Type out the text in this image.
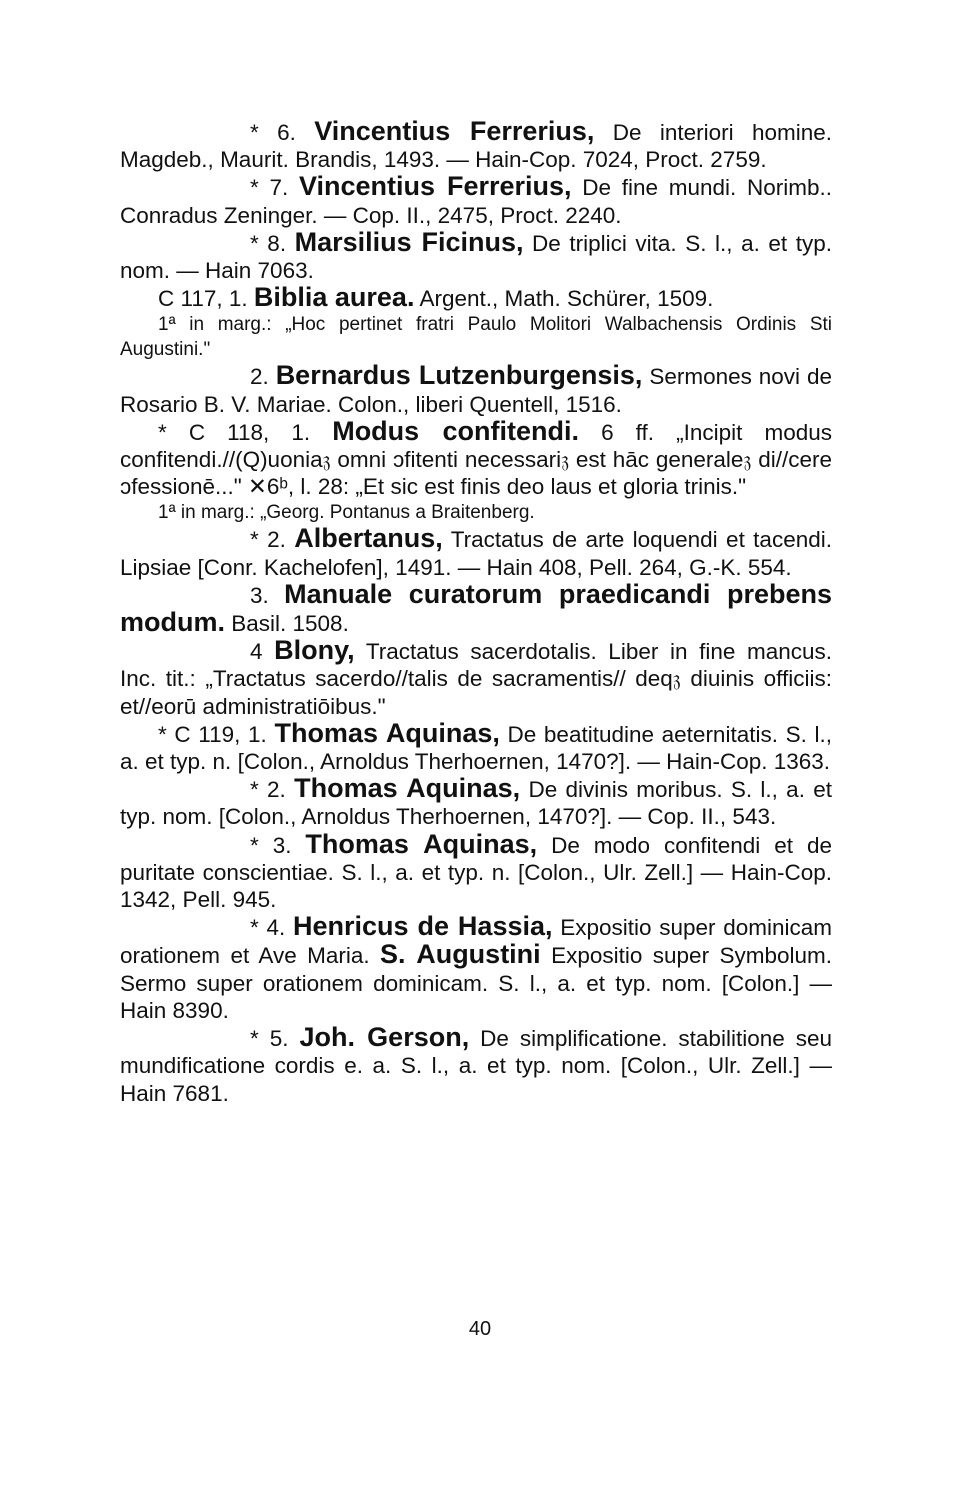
* 6. Vincentius Ferrerius, De interiori homine. Magdeb., Maurit. Brandis, 1493. — Hain-Cop. 7024, Proct. 2759.

* 7. Vincentius Ferrerius, De fine mundi. Norimb.. Conradus Zeninger. — Cop. II., 2475, Proct. 2240.

* 8. Marsilius Ficinus, De triplici vita. S. l., a. et typ. nom. — Hain 7063.

C 117, 1. Biblia aurea. Argent., Math. Schürer, 1509.

1ª in marg.: „Hoc pertinet fratri Paulo Molitori Walbachensis Ordinis Sti Augustini."

2. Bernardus Lutzenburgensis, Sermones novi de Rosario B. V. Mariae. Colon., liberi Quentell, 1516.

* C 118, 1. Modus confitendi. 6 ff. „Incipit modus confitendi.//(Q)uonia𝔷 omni ɔfitenti necessari𝔷 est hāc generale𝔷 di//cere ɔfessionē..." ✕6ᵇ, l. 28: „Et sic est finis deo laus et gloria trinis."

1ª in marg.: „Georg. Pontanus a Braitenberg.

* 2. Albertanus, Tractatus de arte loquendi et tacendi. Lipsiae [Conr. Kachelofen], 1491. — Hain 408, Pell. 264, G.-K. 554.

3. Manuale curatorum praedicandi prebens modum. Basil. 1508.

4 Blony, Tractatus sacerdotalis. Liber in fine mancus. Inc. tit.: „Tractatus sacerdo//talis de sacramentis// deq𝔷 diuinis officiis: et//eorū administratiōibus."

* C 119, 1. Thomas Aquinas, De beatitudine aeternitatis. S. l., a. et typ. n. [Colon., Arnoldus Therhoernen, 1470?]. — Hain-Cop. 1363.

* 2. Thomas Aquinas, De divinis moribus. S. l., a. et typ. nom. [Colon., Arnoldus Therhoernen, 1470?]. — Cop. II., 543.

* 3. Thomas Aquinas, De modo confitendi et de puritate conscientiae. S. l., a. et typ. n. [Colon., Ulr. Zell.] — Hain-Cop. 1342, Pell. 945.

* 4. Henricus de Hassia, Expositio super dominicam orationem et Ave Maria. S. Augustini Expositio super Symbolum. Sermo super orationem dominicam. S. l., a. et typ. nom. [Colon.] — Hain 8390.

* 5. Joh. Gerson, De simplificatione. stabilitione seu mundificatione cordis e. a. S. l., a. et typ. nom. [Colon., Ulr. Zell.] — Hain 7681.

40
